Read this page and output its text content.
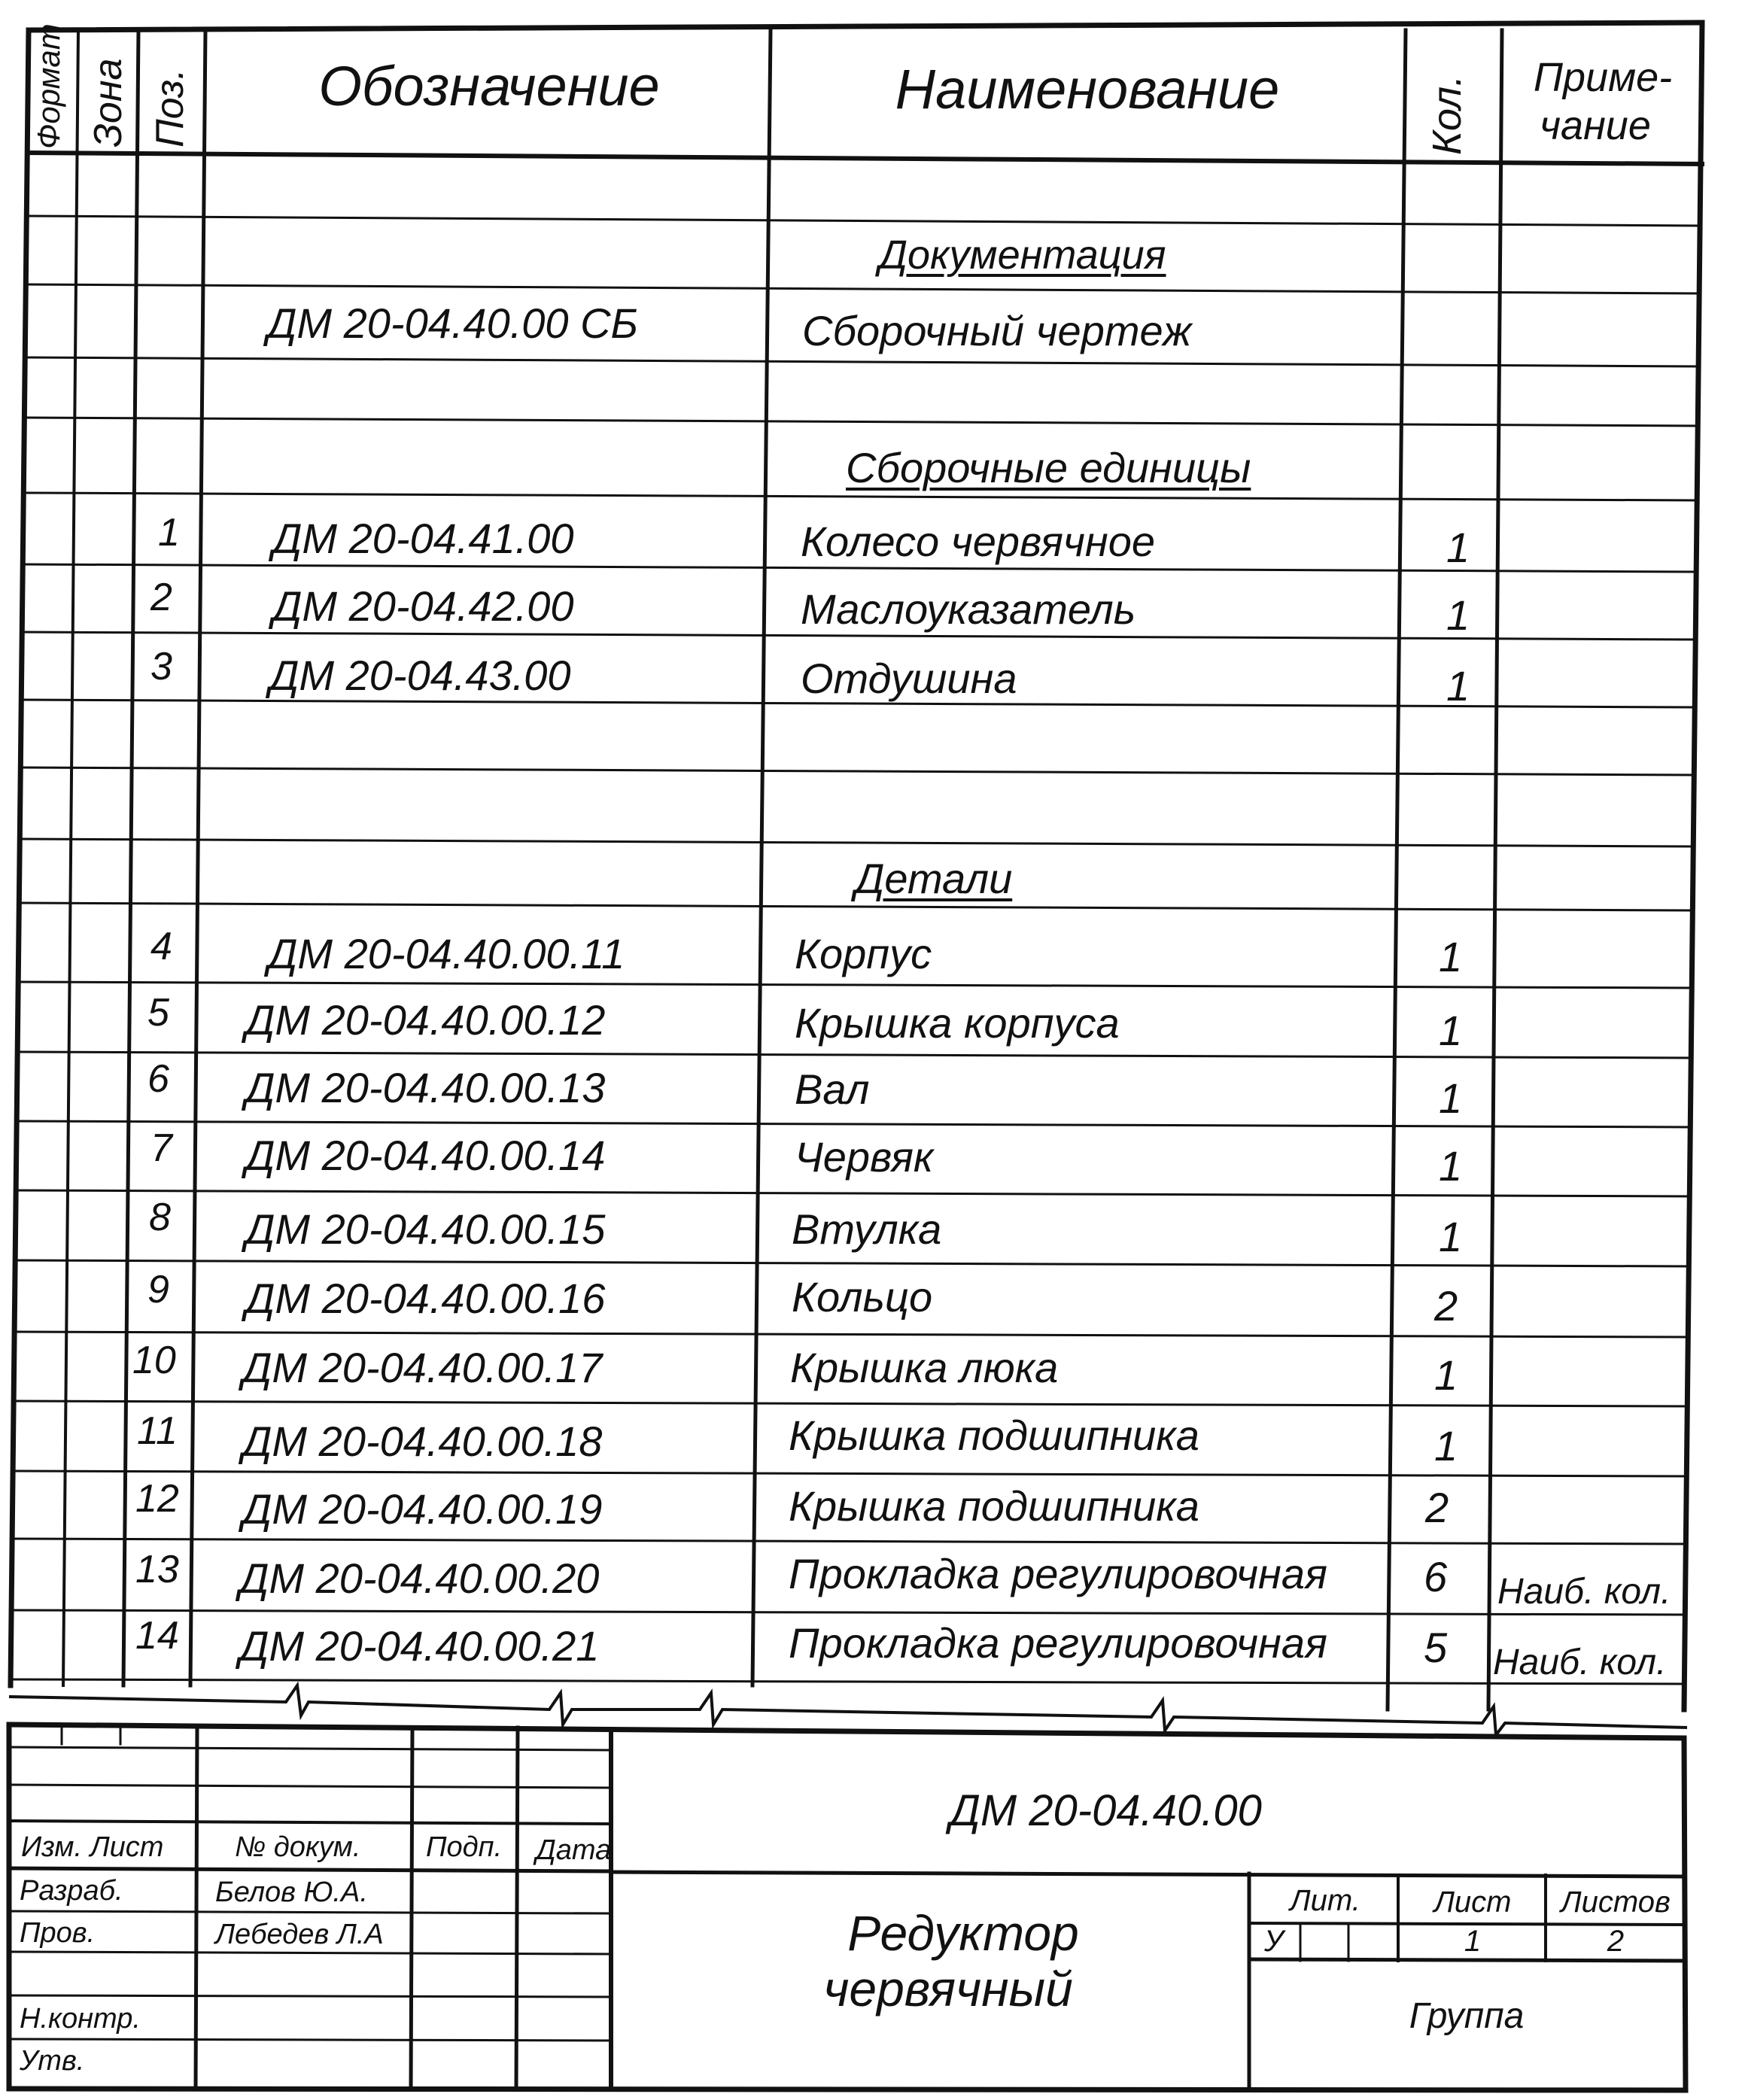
Формат Зона Поз.	Обозначение	Наименование	Кол.	Приме-
чание
Документация
ДМ 20-04.40.00 СБ	Сборочный чертеж
Сборочные единицы
1 ДМ 20-04.41.00	Колесо червячное	1
2 ДМ 20-04.42.00	Маслоуказатель	1
3 ДМ 20-04.43.00	Отдушина	1
Детали
4 ДМ 20-04.40.00.11	Корпус	1
5 ДМ 20-04.40.00.12	Крышка корпуса	1
6 ДМ 20-04.40.00.13	Вал	1
7 ДМ 20-04.40.00.14	Червяк	1
8 ДМ 20-04.40.00.15	Втулка	1
9 ДМ 20-04.40.00.16	Кольцо	2
10 ДМ 20-04.40.00.17	Крышка люка	1
11 ДМ 20-04.40.00.18	Крышка подшипника	1
12 ДМ 20-04.40.00.19	Крышка подшипника	2
13 ДМ 20-04.40.00.20	Прокладка регулировочная 6 Наиб. кол.
14 ДМ 20-04.40.00.21	Прокладка регулировочная 5 Наиб. кол.
ДМ 20-04.40.00
Изм. Лист № докум. Подп. Дата
Разраб.	Белов Ю.А.
Пров.	Лебедев Л.А
Н.контр.
Утв.
Редуктор
червячный
Лит.	Лист	Листов
У	1	2
Группа
